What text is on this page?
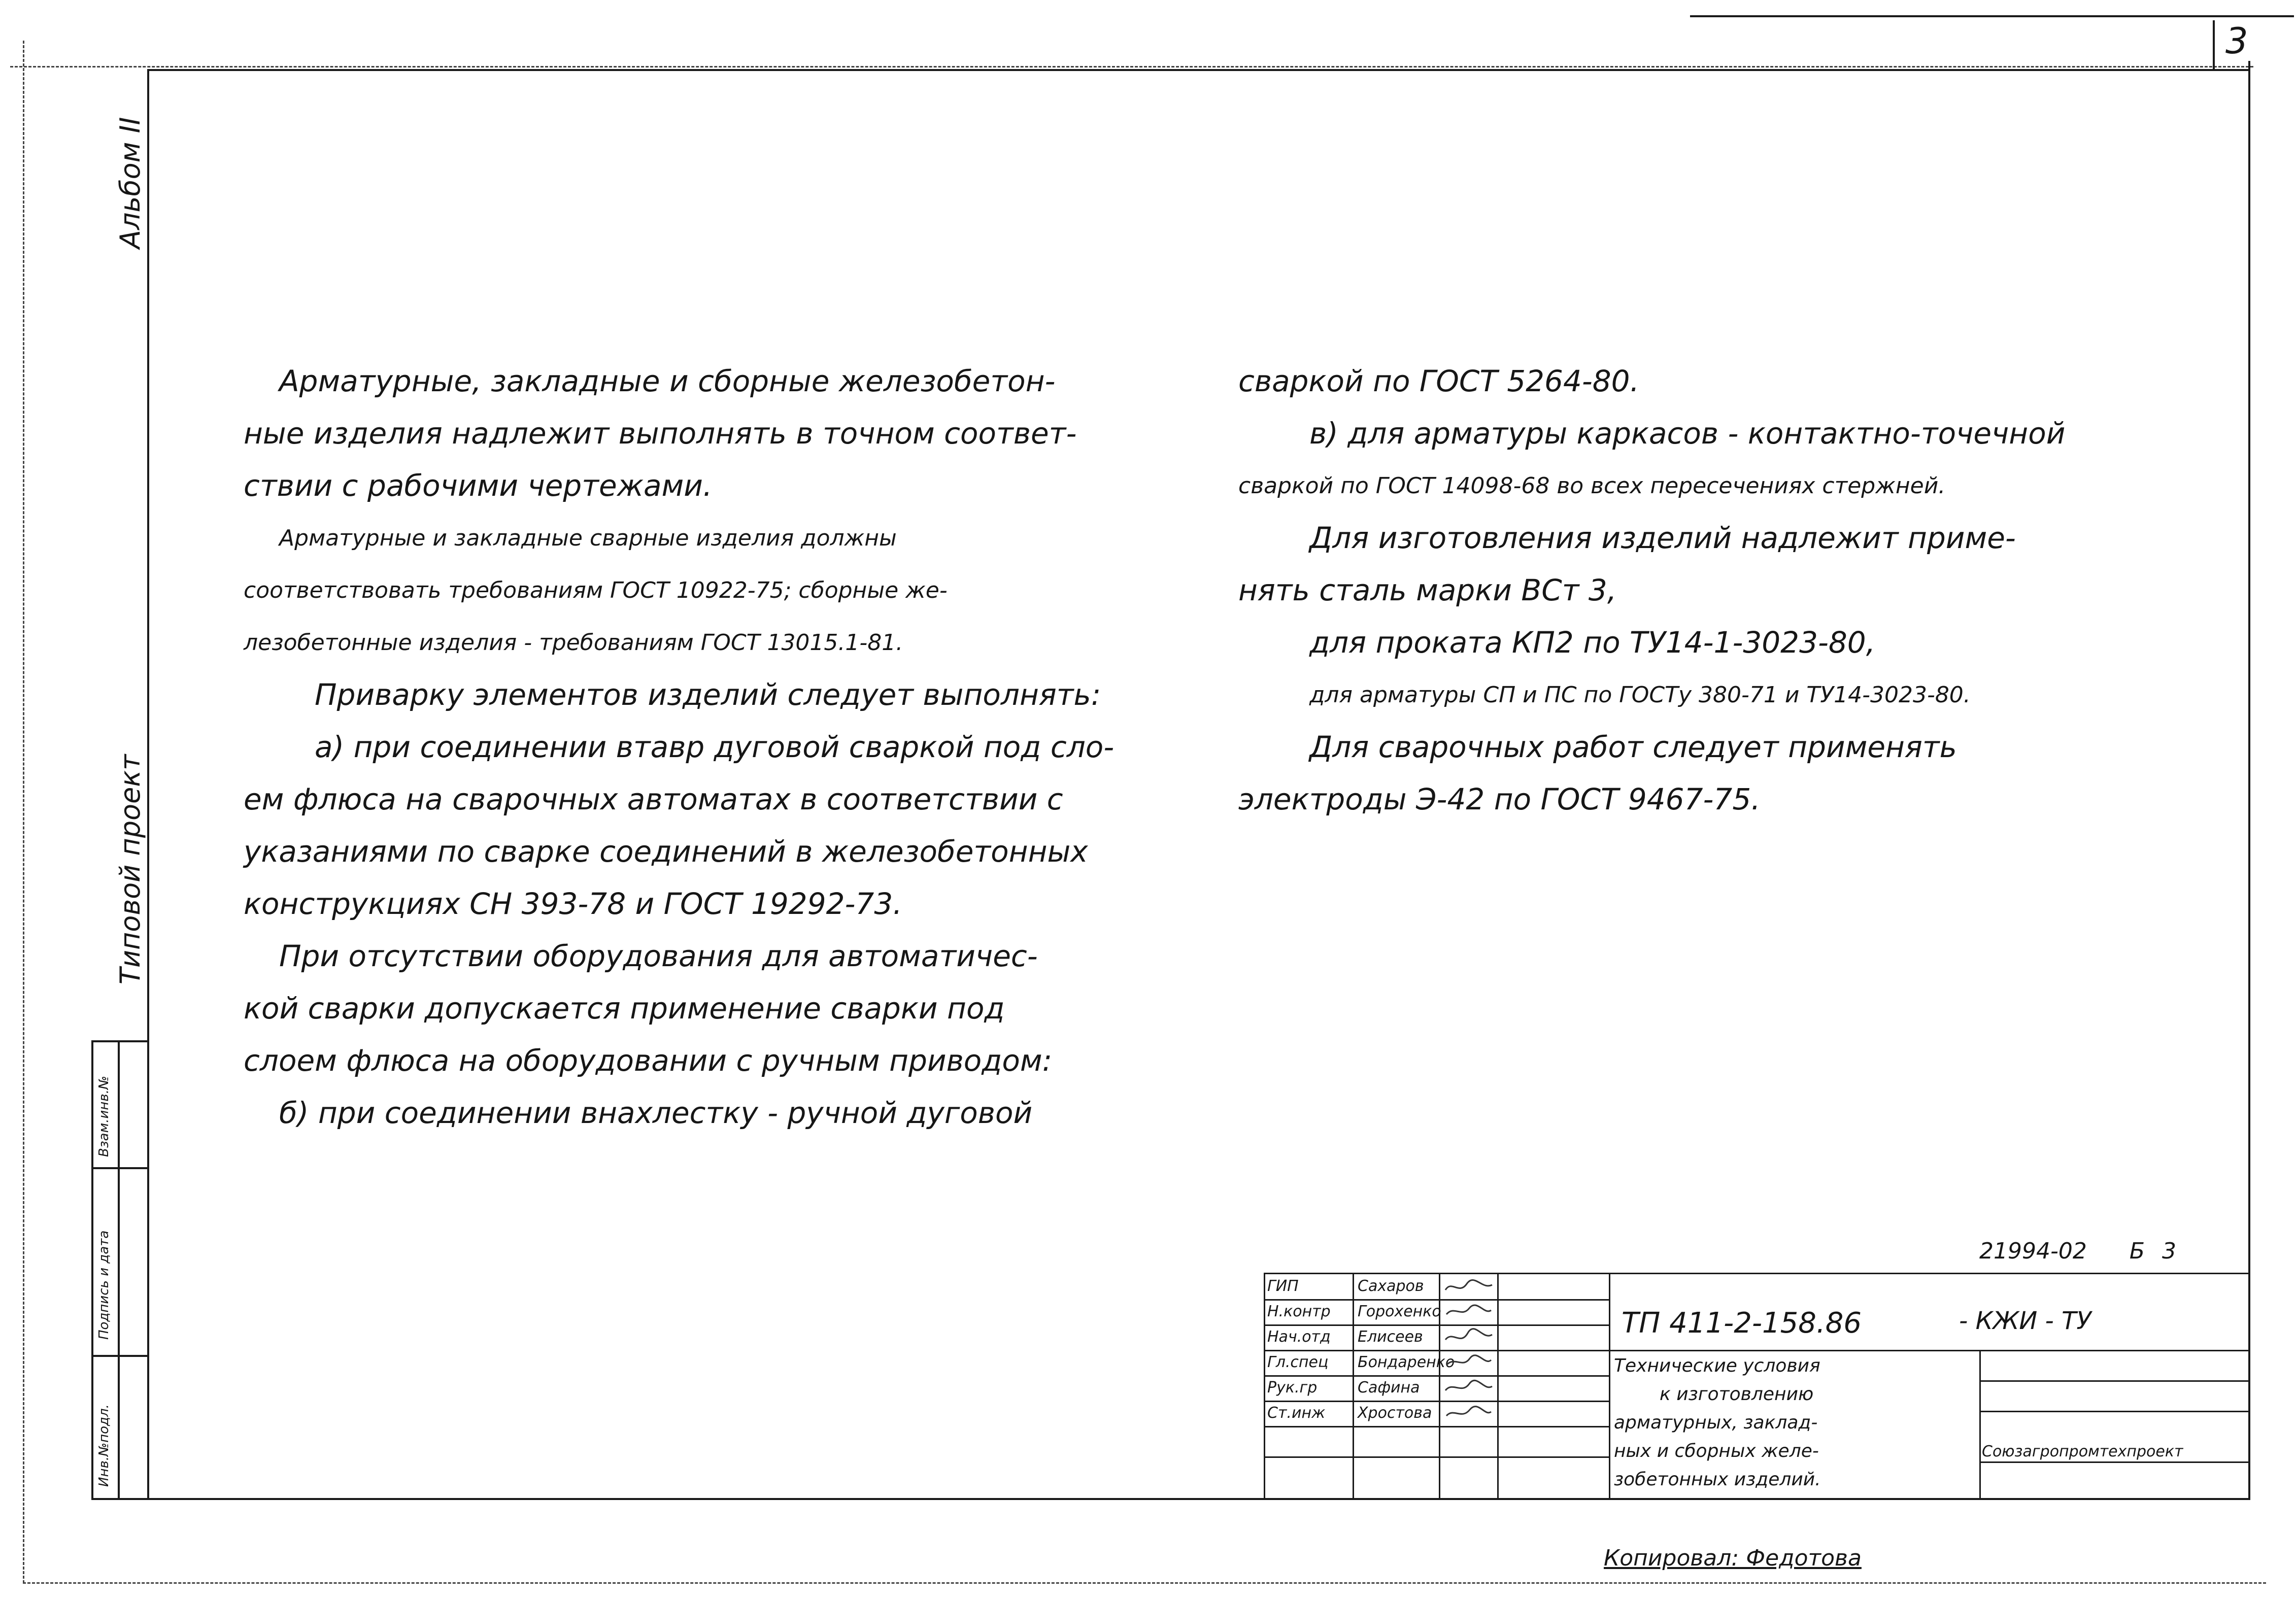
3
Альбом II
Типовой проект
Инв.№подл.
Подпись и дата
Взам.инв.№

Арматурные, закладные и сборные железобетон-

ные изделия надлежит выполнять в точном соответ-

ствии с рабочими чертежами.

Арматурные и закладные сварные изделия должны

соответствовать требованиям ГОСТ 10922-75; сборные же-

лезобетонные изделия - требованиям ГОСТ 13015.1-81.

Приварку элементов изделий следует выполнять:

а) при соединении втавр дуговой сваркой под сло-

ем флюса на сварочных автоматах в соответствии с

указаниями по сварке соединений в железобетонных

конструкциях СН 393-78 и ГОСТ 19292-73.

При отсутствии оборудования для автоматичес-

кой сварки допускается применение сварки под

слоем флюса на оборудовании с ручным приводом:

б) при соединении внахлестку - ручной дуговой

сваркой по ГОСТ 5264-80.

в) для арматуры каркасов - контактно-точечной

сваркой по ГОСТ 14098-68 во всех пересечениях стержней.

Для изготовления изделий надлежит приме-

нять сталь марки ВСт 3,

для проката КП2 по ТУ14-1-3023-80,

для арматуры СП и ПС по ГОСТу 380-71 и ТУ14-3023-80.

Для сварочных работ следует применять

электроды Э-42 по ГОСТ 9467-75.

21994-02 Б 3
ГИП
Н.контр
Нач.отд
Гл.спец
Рук.гр
Ст.инж
Сахаров
Горохенко
Елисеев
Бондаренко
Сафина
Хростова
ТП 411-2-158.86	- КЖИ - ТУ
Технические условия
к изготовлению
арматурных, заклад-
ных и сборных желе-
зобетонных изделий.
Союзагропромтехпроект
Копировал: Федотова
